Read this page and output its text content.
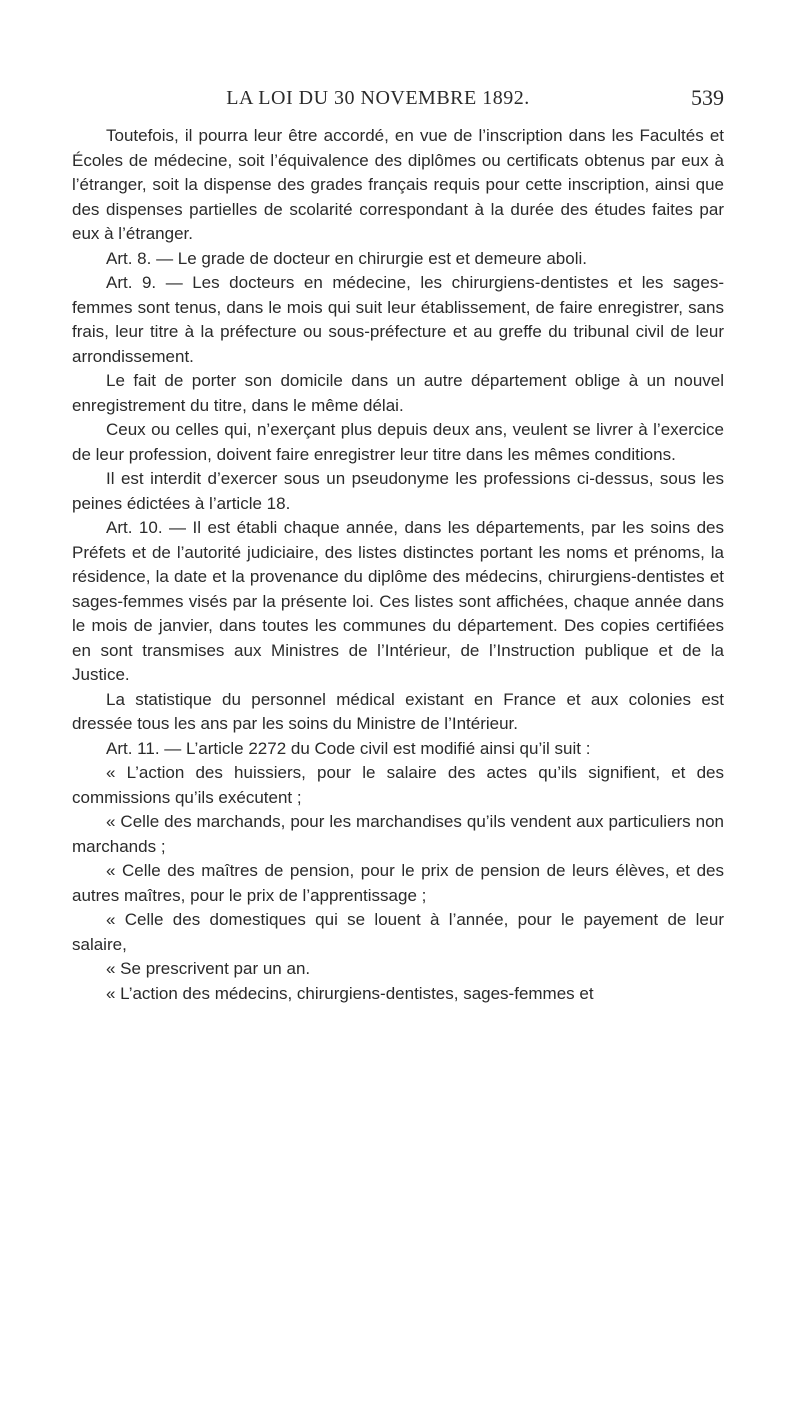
LA LOI DU 30 NOVEMBRE 1892.	539

Toutefois, il pourra leur être accordé, en vue de l’inscription dans les Facultés et Écoles de médecine, soit l’équivalence des diplômes ou certificats obtenus par eux à l’étranger, soit la dispense des grades français requis pour cette inscription, ainsi que des dispenses partielles de scolarité correspondant à la durée des études faites par eux à l’étranger.

Art. 8. — Le grade de docteur en chirurgie est et demeure aboli.

Art. 9. — Les docteurs en médecine, les chirurgiens-dentistes et les sages-femmes sont tenus, dans le mois qui suit leur établissement, de faire enregistrer, sans frais, leur titre à la préfecture ou sous-préfecture et au greffe du tribunal civil de leur arrondissement.

Le fait de porter son domicile dans un autre département oblige à un nouvel enregistrement du titre, dans le même délai.

Ceux ou celles qui, n’exerçant plus depuis deux ans, veulent se livrer à l’exercice de leur profession, doivent faire enregistrer leur titre dans les mêmes conditions.

Il est interdit d’exercer sous un pseudonyme les professions ci-dessus, sous les peines édictées à l’article 18.

Art. 10. — Il est établi chaque année, dans les départements, par les soins des Préfets et de l’autorité judiciaire, des listes distinctes portant les noms et prénoms, la résidence, la date et la provenance du diplôme des médecins, chirurgiens-dentistes et sages-femmes visés par la présente loi. Ces listes sont affichées, chaque année dans le mois de janvier, dans toutes les communes du département. Des copies certifiées en sont transmises aux Ministres de l’Intérieur, de l’Instruction publique et de la Justice.

La statistique du personnel médical existant en France et aux colonies est dressée tous les ans par les soins du Ministre de l’Intérieur.

Art. 11. — L’article 2272 du Code civil est modifié ainsi qu’il suit :

« L’action des huissiers, pour le salaire des actes qu’ils signifient, et des commissions qu’ils exécutent ;

« Celle des marchands, pour les marchandises qu’ils vendent aux particuliers non marchands ;

« Celle des maîtres de pension, pour le prix de pension de leurs élèves, et des autres maîtres, pour le prix de l’apprentissage ;

« Celle des domestiques qui se louent à l’année, pour le payement de leur salaire,

« Se prescrivent par un an.

« L’action des médecins, chirurgiens-dentistes, sages-femmes et
